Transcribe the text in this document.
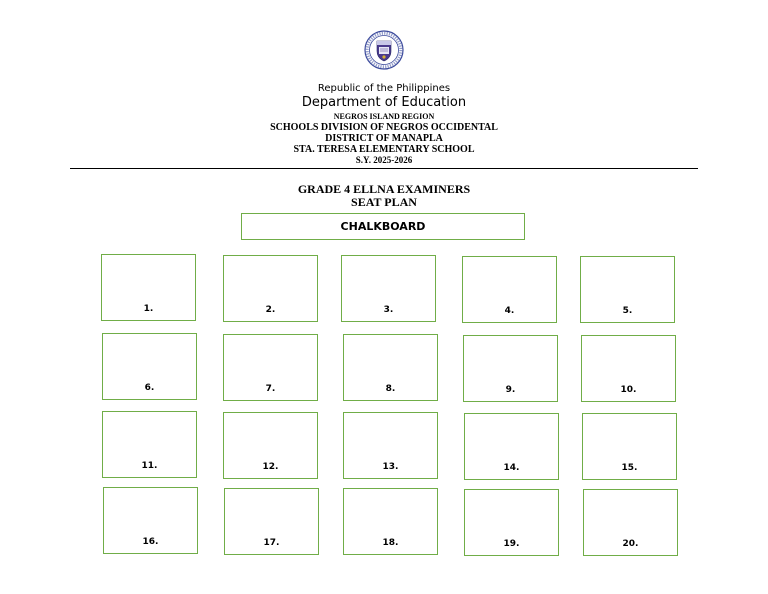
Republic of the Philippines
Department of Education
NEGROS ISLAND REGION
SCHOOLS DIVISION OF NEGROS OCCIDENTAL
DISTRICT OF MANAPLA
STA. TERESA ELEMENTARY SCHOOL
S.Y. 2025-2026
GRADE 4 ELLNA EXAMINERS
SEAT PLAN
CHALKBOARD
1.	2.	3.	4.	5.
6.	7.	8.	9.	10.
11.	12.	13.	14.	15.
16.	17.	18.	19.	20.
